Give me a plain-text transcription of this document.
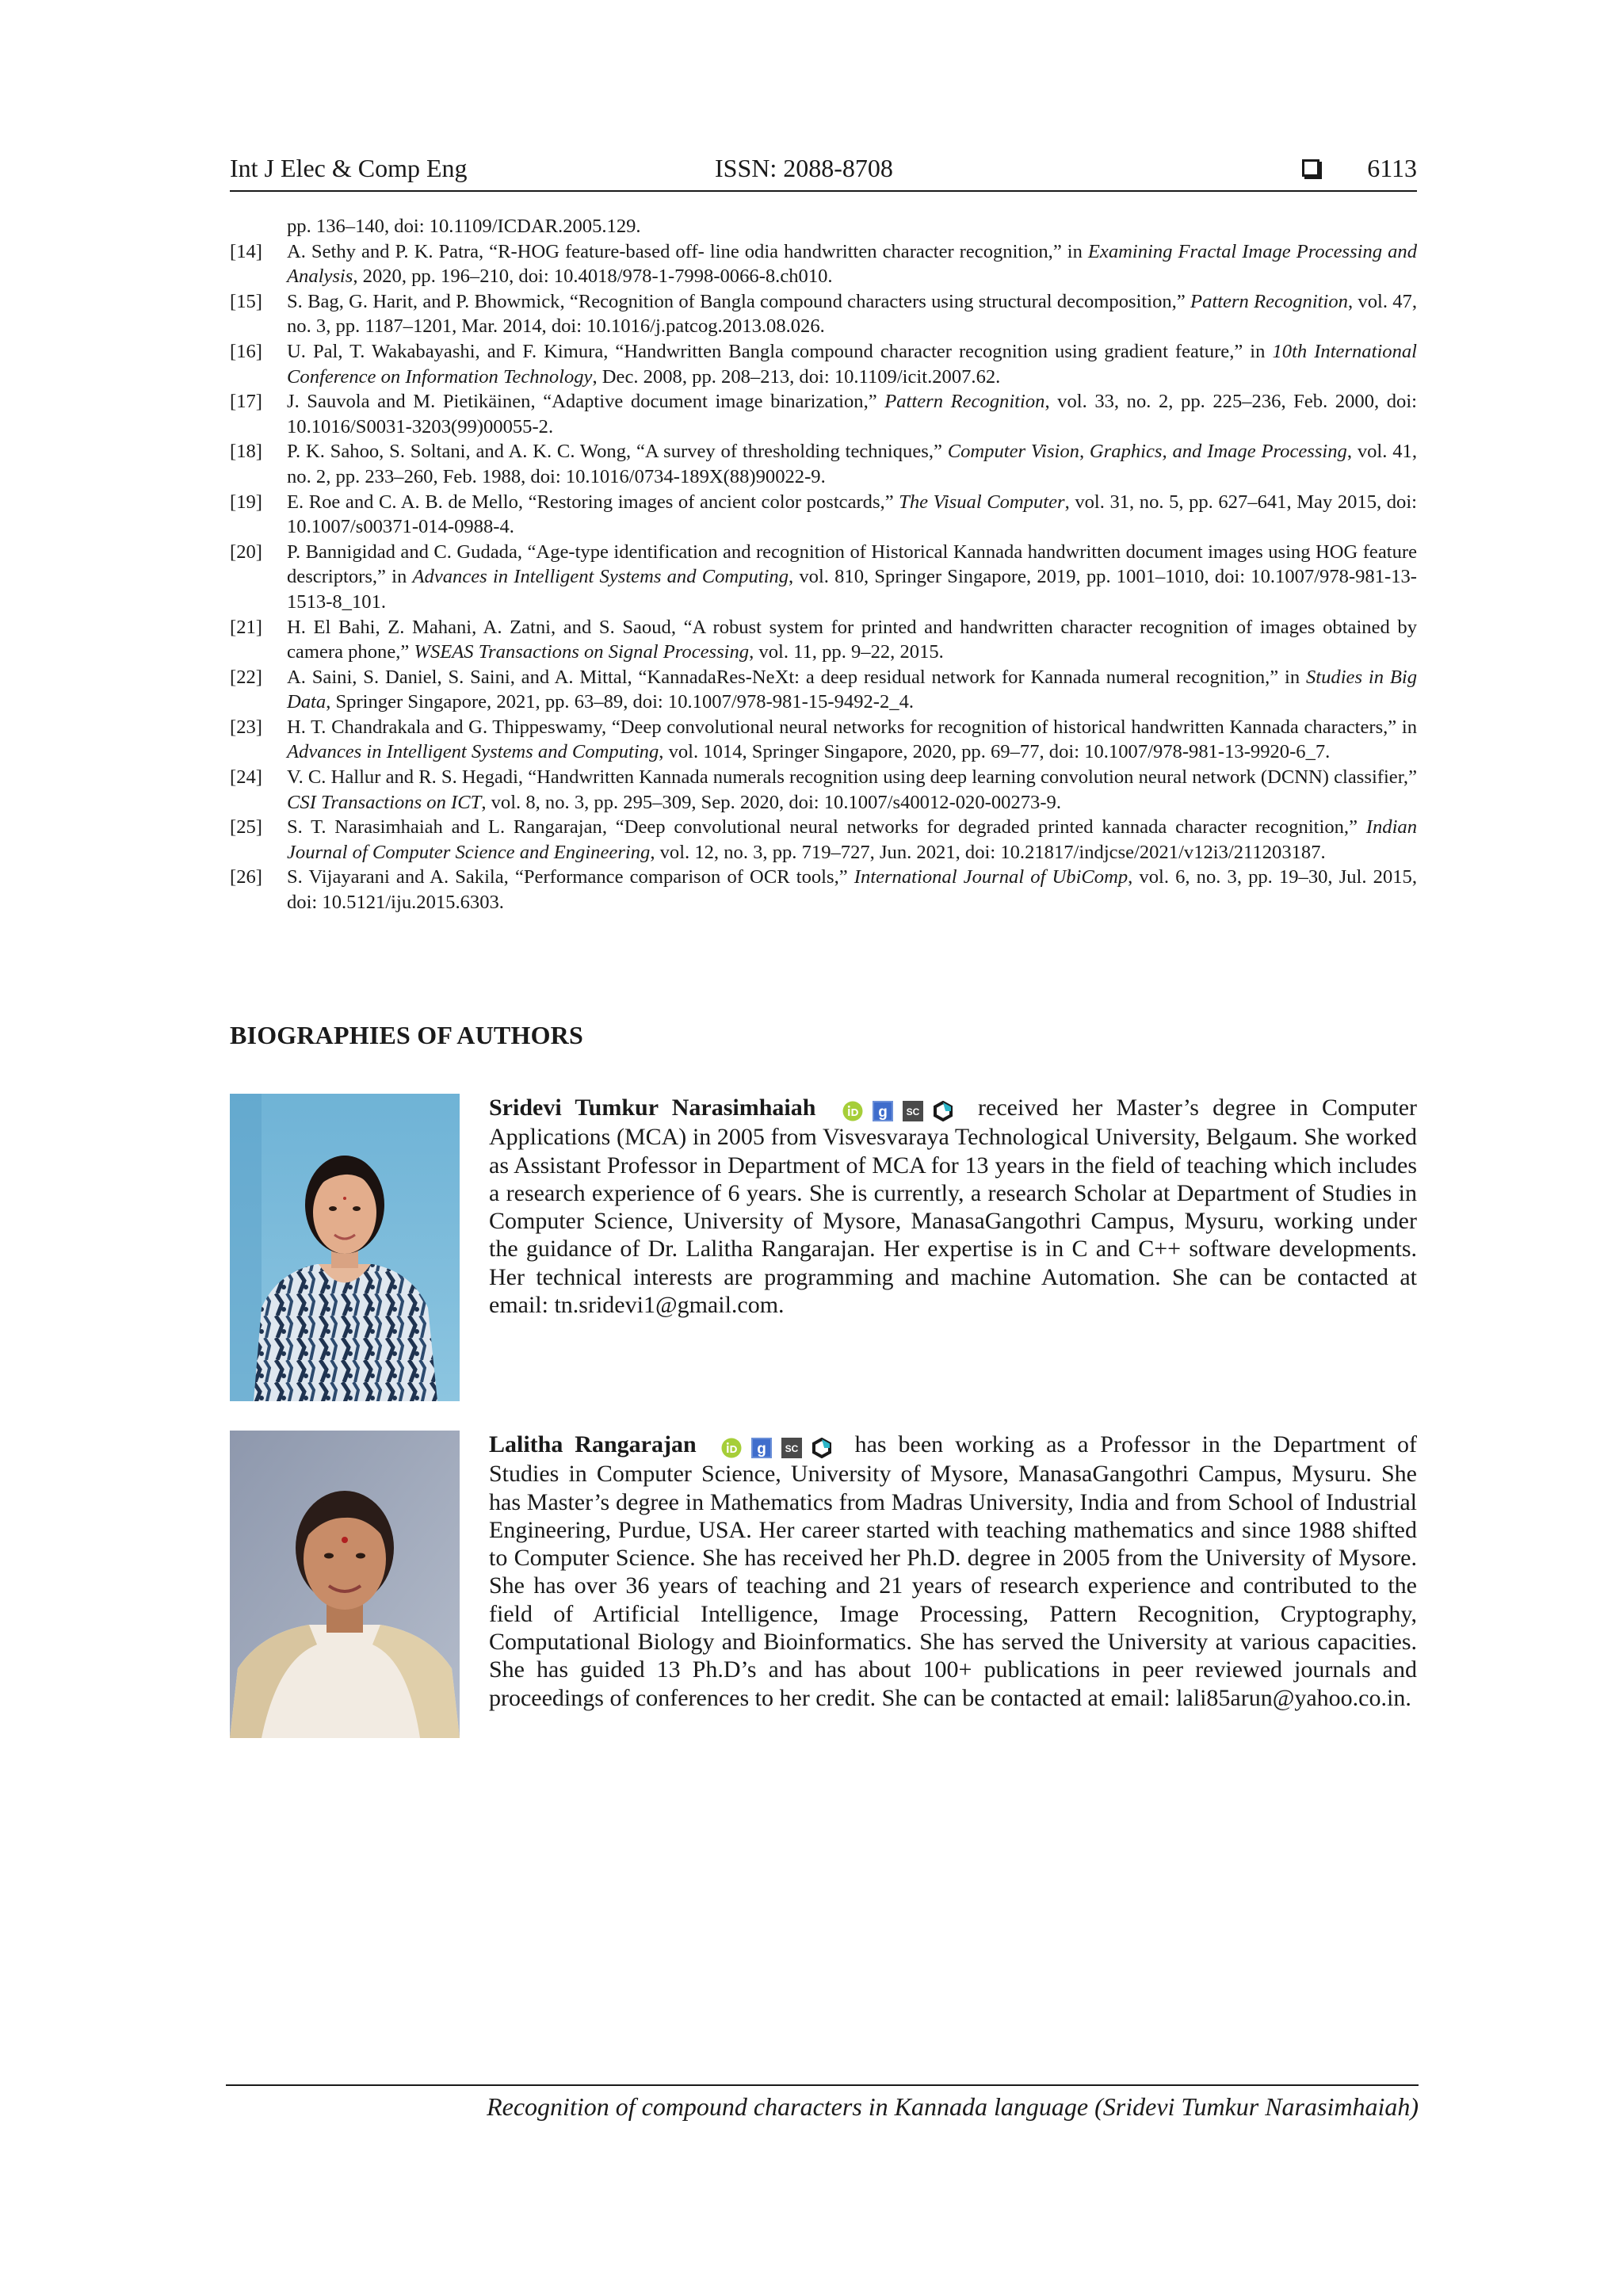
Int J Elec & Comp Eng	ISSN: 2088-8708	6113
pp. 136–140, doi: 10.1109/ICDAR.2005.129.
[14]	A. Sethy and P. K. Patra, “R-HOG feature-based off- line odia handwritten character recognition,” in Examining Fractal Image Processing and Analysis, 2020, pp. 196–210, doi: 10.4018/978-1-7998-0066-8.ch010.
[15]	S. Bag, G. Harit, and P. Bhowmick, “Recognition of Bangla compound characters using structural decomposition,” Pattern Recognition, vol. 47, no. 3, pp. 1187–1201, Mar. 2014, doi: 10.1016/j.patcog.2013.08.026.
[16]	U. Pal, T. Wakabayashi, and F. Kimura, “Handwritten Bangla compound character recognition using gradient feature,” in 10th International Conference on Information Technology, Dec. 2008, pp. 208–213, doi: 10.1109/icit.2007.62.
[17]	J. Sauvola and M. Pietikäinen, “Adaptive document image binarization,” Pattern Recognition, vol. 33, no. 2, pp. 225–236, Feb. 2000, doi: 10.1016/S0031-3203(99)00055-2.
[18]	P. K. Sahoo, S. Soltani, and A. K. C. Wong, “A survey of thresholding techniques,” Computer Vision, Graphics, and Image Processing, vol. 41, no. 2, pp. 233–260, Feb. 1988, doi: 10.1016/0734-189X(88)90022-9.
[19]	E. Roe and C. A. B. de Mello, “Restoring images of ancient color postcards,” The Visual Computer, vol. 31, no. 5, pp. 627–641, May 2015, doi: 10.1007/s00371-014-0988-4.
[20]	P. Bannigidad and C. Gudada, “Age-type identification and recognition of Historical Kannada handwritten document images using HOG feature descriptors,” in Advances in Intelligent Systems and Computing, vol. 810, Springer Singapore, 2019, pp. 1001–1010, doi: 10.1007/978-981-13-1513-8_101.
[21]	H. El Bahi, Z. Mahani, A. Zatni, and S. Saoud, “A robust system for printed and handwritten character recognition of images obtained by camera phone,” WSEAS Transactions on Signal Processing, vol. 11, pp. 9–22, 2015.
[22]	A. Saini, S. Daniel, S. Saini, and A. Mittal, “KannadaRes-NeXt: a deep residual network for Kannada numeral recognition,” in Studies in Big Data, Springer Singapore, 2021, pp. 63–89, doi: 10.1007/978-981-15-9492-2_4.
[23]	H. T. Chandrakala and G. Thippeswamy, “Deep convolutional neural networks for recognition of historical handwritten Kannada characters,” in Advances in Intelligent Systems and Computing, vol. 1014, Springer Singapore, 2020, pp. 69–77, doi: 10.1007/978-981-13-9920-6_7.
[24]	V. C. Hallur and R. S. Hegadi, “Handwritten Kannada numerals recognition using deep learning convolution neural network (DCNN) classifier,” CSI Transactions on ICT, vol. 8, no. 3, pp. 295–309, Sep. 2020, doi: 10.1007/s40012-020-00273-9.
[25]	S. T. Narasimhaiah and L. Rangarajan, “Deep convolutional neural networks for degraded printed kannada character recognition,” Indian Journal of Computer Science and Engineering, vol. 12, no. 3, pp. 719–727, Jun. 2021, doi: 10.21817/indjcse/2021/v12i3/211203187.
[26]	S. Vijayarani and A. Sakila, “Performance comparison of OCR tools,” International Journal of UbiComp, vol. 6, no. 3, pp. 19–30, Jul. 2015, doi: 10.5121/iju.2015.6303.
BIOGRAPHIES OF AUTHORS
Sridevi Tumkur Narasimhaiah	received her Master’s degree in Computer Applications (MCA) in 2005 from Visvesvaraya Technological University, Belgaum. She worked as Assistant Professor in Department of MCA for 13 years in the field of teaching which includes a research experience of 6 years. She is currently, a research Scholar at Department of Studies in Computer Science, University of Mysore, ManasaGangothri Campus, Mysuru, working under the guidance of Dr. Lalitha Rangarajan. Her expertise is in C and C++ software developments. Her technical interests are programming and machine Automation. She can be contacted at email: tn.sridevi1@gmail.com.
Lalitha Rangarajan	has been working as a Professor in the Department of Studies in Computer Science, University of Mysore, ManasaGangothri Campus, Mysuru. She has Master’s degree in Mathematics from Madras University, India and from School of Industrial Engineering, Purdue, USA. Her career started with teaching mathematics and since 1988 shifted to Computer Science. She has received her Ph.D. degree in 2005 from the University of Mysore. She has over 36 years of teaching and 21 years of research experience and contributed to the field of Artificial Intelligence, Image Processing, Pattern Recognition, Cryptography, Computational Biology and Bioinformatics. She has served the University at various capacities. She has guided 13 Ph.D’s and has about 100+ publications in peer reviewed journals and proceedings of conferences to her credit. She can be contacted at email: lali85arun@yahoo.co.in.
Recognition of compound characters in Kannada language (Sridevi Tumkur Narasimhaiah)
